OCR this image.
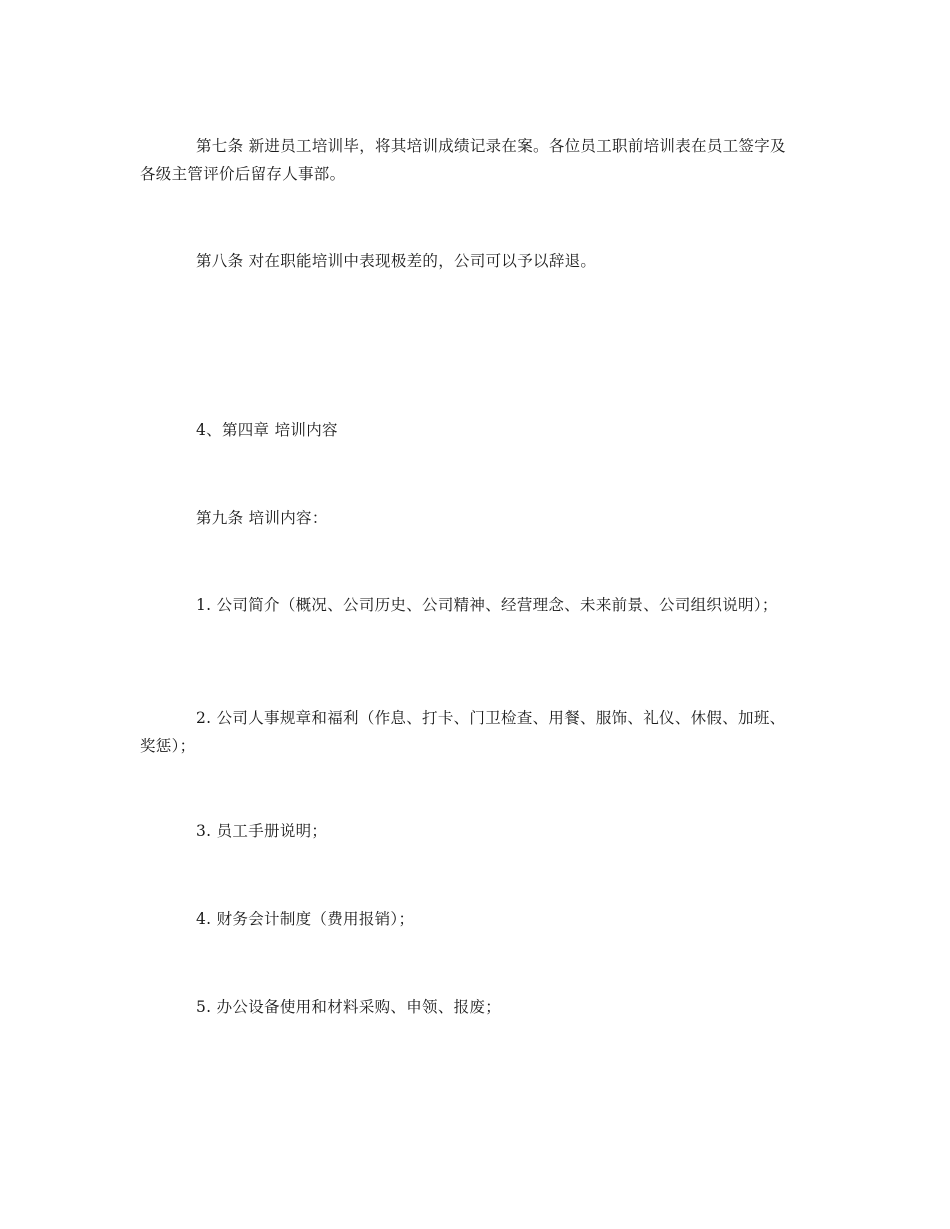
第七条 新进员工培训毕，将其培训成绩记录在案。各位员工职前培训表在员工签字及各级主管评价后留存人事部。

第八条 对在职能培训中表现极差的，公司可以予以辞退。

4、第四章 培训内容

第九条 培训内容：

1. 公司简介（概况、公司历史、公司精神、经营理念、未来前景、公司组织说明）；

2. 公司人事规章和福利（作息、打卡、门卫检查、用餐、服饰、礼仪、休假、加班、奖惩）；

3. 员工手册说明；

4. 财务会计制度（费用报销）；

5. 办公设备使用和材料采购、申领、报废；
